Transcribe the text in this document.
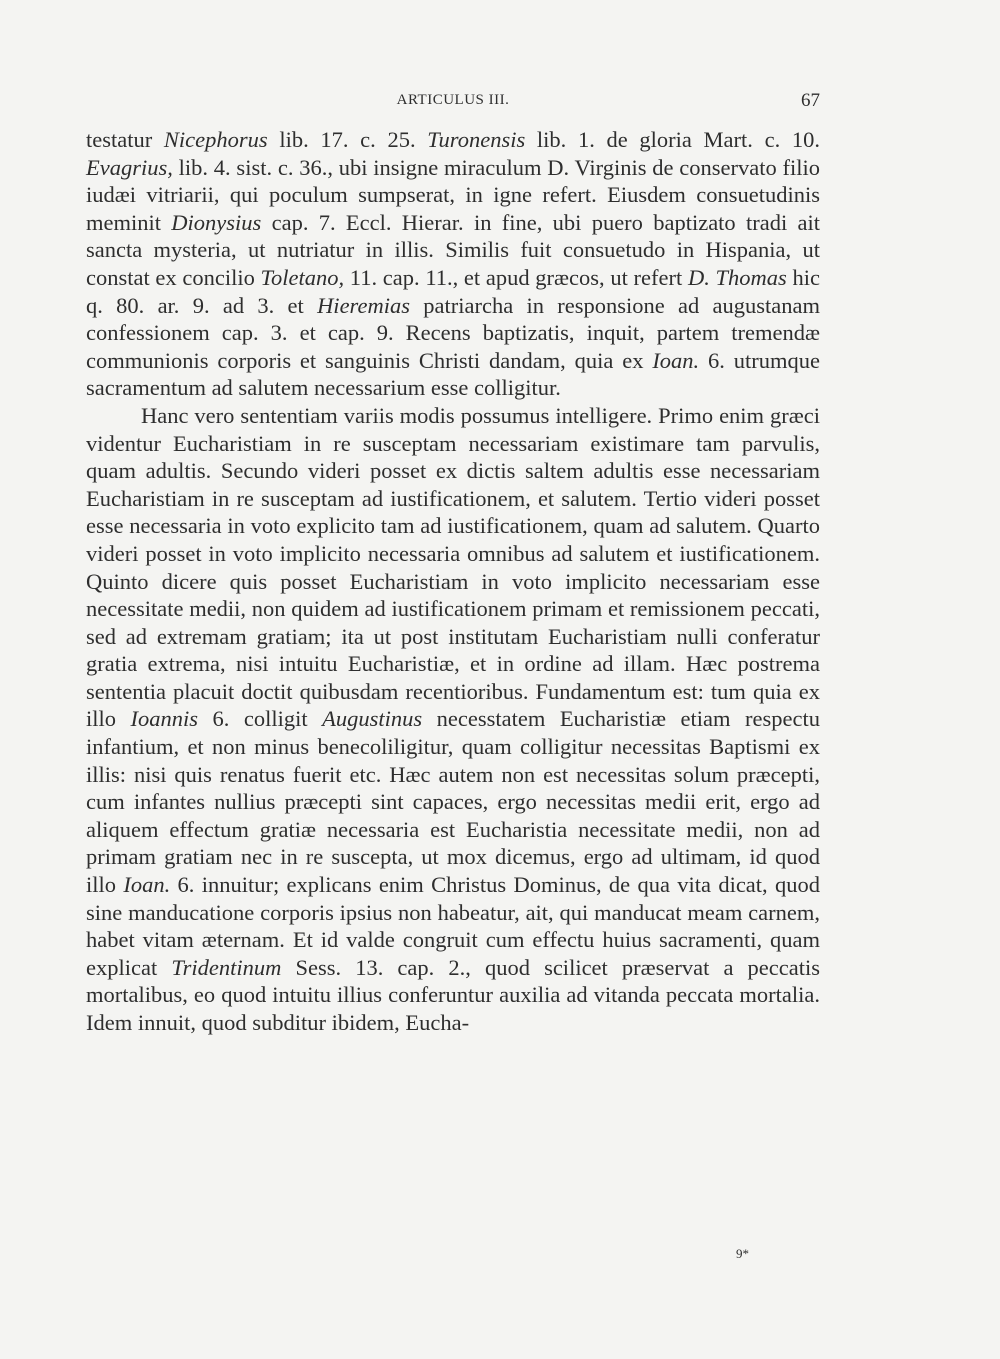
ARTICULUS III.	67

testatur Nicephorus lib. 17. c. 25. Turonensis lib. 1. de gloria Mart. c. 10. Evagrius, lib. 4. sist. c. 36., ubi insigne miraculum D. Virginis de conservato filio iudæi vitriarii, qui poculum sumpserat, in igne refert. Eiusdem consuetudinis meminit Dionysius cap. 7. Eccl. Hierar. in fine, ubi puero baptizato tradi ait sancta mysteria, ut nutriatur in illis. Similis fuit consuetudo in Hispania, ut constat ex concilio Toletano, 11. cap. 11., et apud græcos, ut refert D. Thomas hic q. 80. ar. 9. ad 3. et Hieremias patriarcha in responsione ad augustanam confessionem cap. 3. et cap. 9. Recens baptizatis, inquit, partem tremendæ communionis corporis et sanguinis Christi dandam, quia ex Ioan. 6. utrumque sacramentum ad salutem necessarium esse colligitur.

Hanc vero sententiam variis modis possumus intelligere. Primo enim græci videntur Eucharistiam in re susceptam necessariam existimare tam parvulis, quam adultis. Secundo videri posset ex dictis saltem adultis esse necessariam Eucharistiam in re susceptam ad iustificationem, et salutem. Tertio videri posset esse necessaria in voto explicito tam ad iustificationem, quam ad salutem. Quarto videri posset in voto implicito necessaria omnibus ad salutem et iustificationem. Quinto dicere quis posset Eucharistiam in voto implicito necessariam esse necessitate medii, non quidem ad iustificationem primam et remissionem peccati, sed ad extremam gratiam; ita ut post institutam Eucharistiam nulli conferatur gratia extrema, nisi intuitu Eucharistiæ, et in ordine ad illam. Hæc postrema sententia placuit doctit quibusdam recentioribus. Fundamentum est: tum quia ex illo Ioannis 6. colligit Augustinus necesstatem Eucharistiæ etiam respectu infantium, et non minus benecoliligitur, quam colligitur necessitas Baptismi ex illis: nisi quis renatus fuerit etc. Hæc autem non est necessitas solum præcepti, cum infantes nullius præcepti sint capaces, ergo necessitas medii erit, ergo ad aliquem effectum gratiæ necessaria est Eucharistia necessitate medii, non ad primam gratiam nec in re suscepta, ut mox dicemus, ergo ad ultimam, id quod illo Ioan. 6. innuitur; explicans enim Christus Dominus, de qua vita dicat, quod sine manducatione corporis ipsius non habeatur, ait, qui manducat meam carnem, habet vitam æternam. Et id valde congruit cum effectu huius sacramenti, quam explicat Tridentinum Sess. 13. cap. 2., quod scilicet præservat a peccatis mortalibus, eo quod intuitu illius conferuntur auxilia ad vitanda peccata mortalia. Idem innuit, quod subditur ibidem, Eucha-

9*
